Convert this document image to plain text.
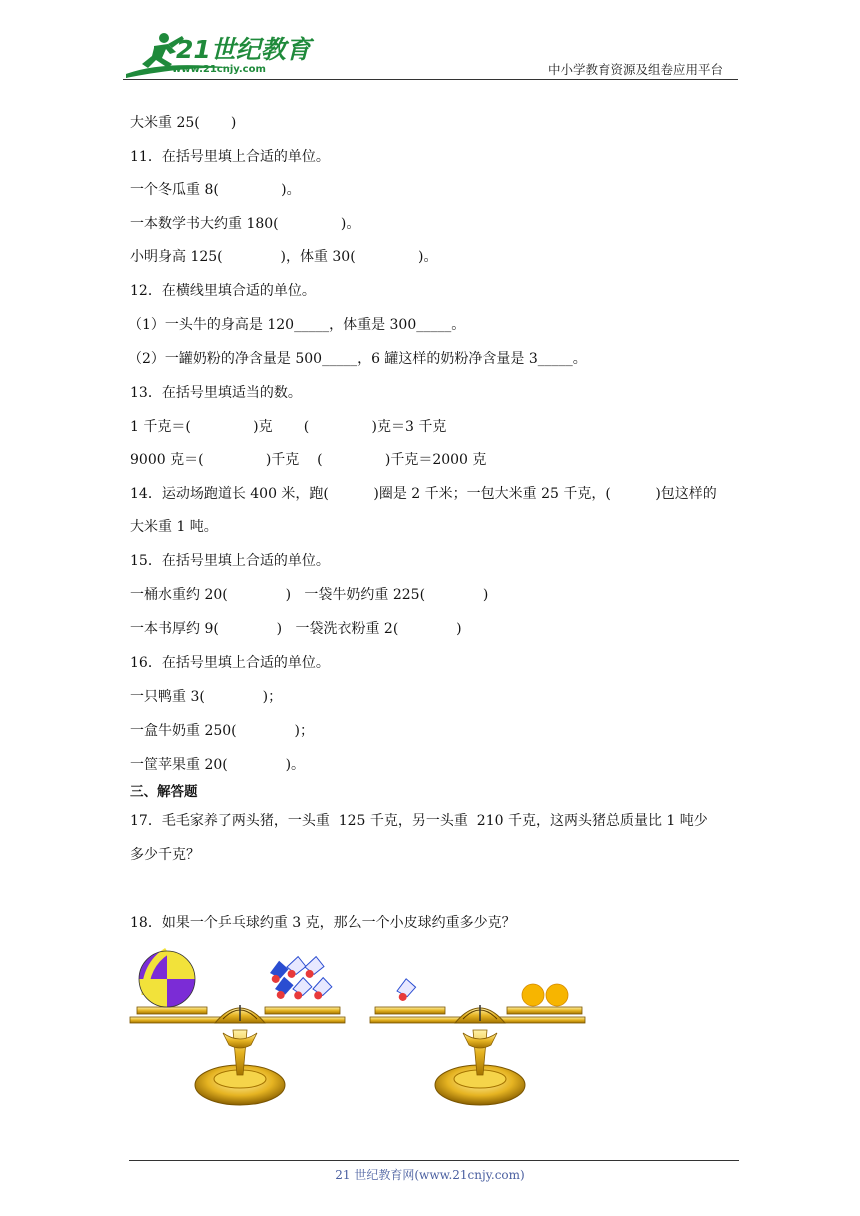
21世纪教育
www.21cnjy.com	中小学教育资源及组卷应用平台
大米重 25(       )
11．在括号里填上合适的单位。
一个冬瓜重 8(              )。
一本数学书大约重 180(              )。
小明身高 125(             )，体重 30(              )。
12．在横线里填合适的单位。
（1）一头牛的身高是 120_____，体重是 300_____。
（2）一罐奶粉的净含量是 500_____，6 罐这样的奶粉净含量是 3_____。
13．在括号里填适当的数。
1 千克＝(              )克       (              )克＝3 千克
9000 克＝(              )千克    (              )千克＝2000 克
14．运动场跑道长 400 米，跑(          )圈是 2 千米；一包大米重 25 千克，(          )包这样的
大米重 1 吨。
15．在括号里填上合适的单位。
一桶水重约 20(             )   一袋牛奶约重 225(             )
一本书厚约 9(             )   一袋洗衣粉重 2(             )
16．在括号里填上合适的单位。
一只鸭重 3(             )；
一盒牛奶重 250(             )；
一筐苹果重 20(             )。
三、解答题
17．毛毛家养了两头猪，一头重  125 千克，另一头重  210 千克，这两头猪总质量比 1 吨少
多少千克？
18．如果一个乒乓球约重 3 克，那么一个小皮球约重多少克？
21 世纪教育网(www.21cnjy.com)
